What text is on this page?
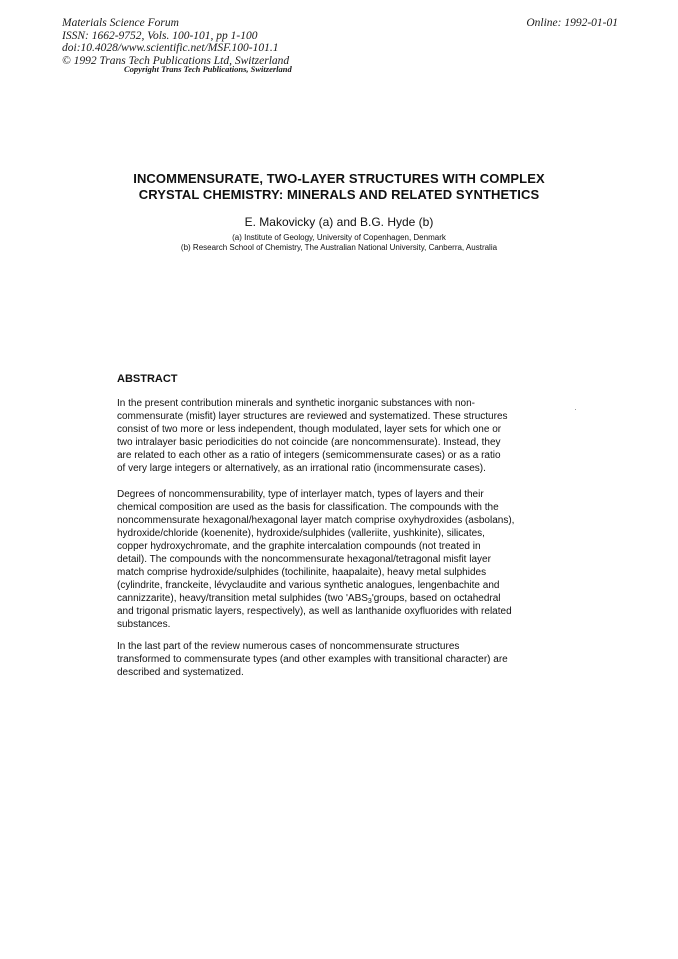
Materials Science Forum
ISSN: 1662-9752, Vols. 100-101, pp 1-100
doi:10.4028/www.scientific.net/MSF.100-101.1
© 1992 Trans Tech Publications Ltd, Switzerland
Online: 1992-01-01
Copyright Trans Tech Publications, Switzerland
INCOMMENSURATE, TWO-LAYER STRUCTURES WITH COMPLEX
CRYSTAL CHEMISTRY: MINERALS AND RELATED SYNTHETICS
E. Makovicky (a) and B.G. Hyde (b)
(a) Institute of Geology, University of Copenhagen, Denmark
(b) Research School of Chemistry, The Australian National University, Canberra, Australia
ABSTRACT

In the present contribution minerals and synthetic inorganic substances with non-
commensurate (misfit) layer structures are reviewed and systematized. These structures
consist of two more or less independent, though modulated, layer sets for which one or
two intralayer basic periodicities do not coincide (are noncommensurate). Instead, they
are related to each other as a ratio of integers (semicommensurate cases) or as a ratio
of very large integers or alternatively, as an irrational ratio (incommensurate cases).

Degrees of noncommensurability, type of interlayer match, types of layers and their
chemical composition are used as the basis for classification. The compounds with the
noncommensurate hexagonal/hexagonal layer match comprise oxyhydroxides (asbolans),
hydroxide/chloride (koenenite), hydroxide/sulphides (valleriite, yushkinite), silicates,
copper hydroxychromate, and the graphite intercalation compounds (not treated in
detail). The compounds with the noncommensurate hexagonal/tetragonal misfit layer
match comprise hydroxide/sulphides (tochilinite, haapalaite), heavy metal sulphides
(cylindrite, franckeite, lévyclaudite and various synthetic analogues, lengenbachite and
cannizzarite), heavy/transition metal sulphides (two '$ABS_3'groups$, based on octahedral
and trigonal prismatic layers, respectively), as well as lanthanide oxyfluorides with related
substances.

In the last part of the review numerous cases of noncommensurate structures
transformed to commensurate types (and other examples with transitional character) are
described and systematized.
